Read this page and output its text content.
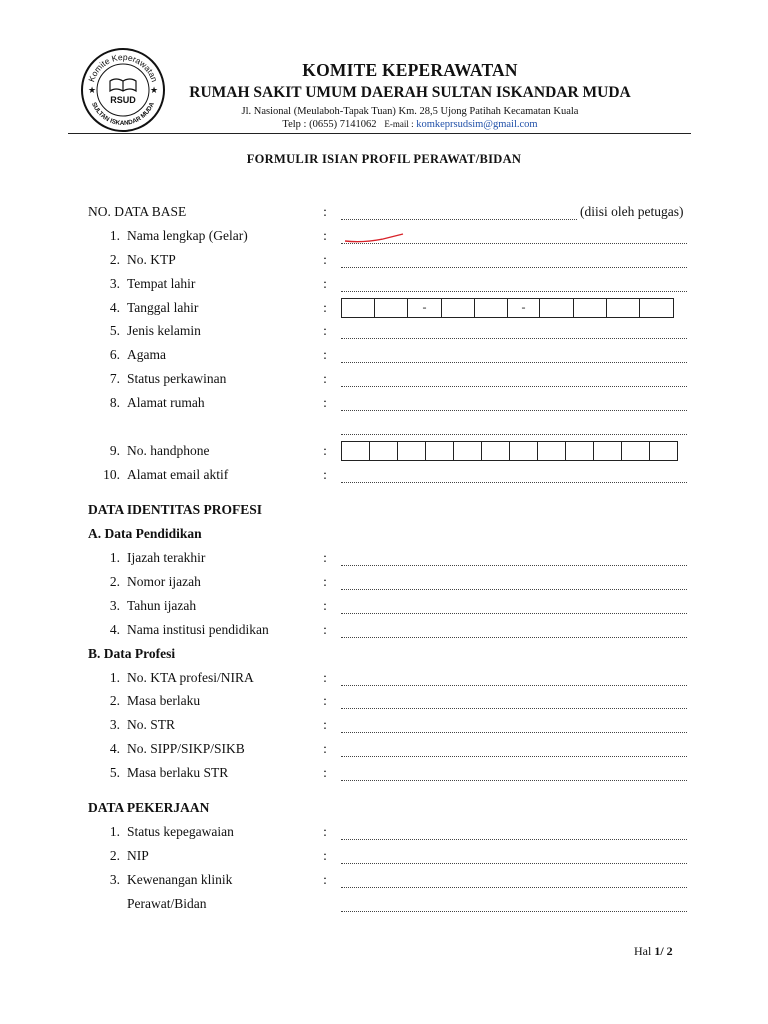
Komite Keperawatan
SULTAN ISKANDAR MUDA
★	★
RSUD
KOMITE KEPERAWATAN
RUMAH SAKIT UMUM DAERAH SULTAN ISKANDAR MUDA
Jl. Nasional (Meulaboh-Tapak Tuan) Km. 28,5 Ujong Patihah Kecamatan Kuala
Telp : (0655) 7141062 E-mail : komkeprsudsim@gmail.com
FORMULIR ISIAN PROFIL PERAWAT/BIDAN
NO. DATA BASE	:	(diisi oleh petugas)
1. Nama lengkap (Gelar)	:
2. No. KTP	:
3. Tempat lahir	:
4. Tanggal lahir	:	-	-
5. Jenis kelamin	:
6. Agama	:
7. Status perkawinan	:
8. Alamat rumah	:
9. No. handphone	:
10. Alamat email aktif	:
DATA IDENTITAS PROFESI
A. Data Pendidikan
1. Ijazah terakhir	:
2. Nomor ijazah	:
3. Tahun ijazah	:
4. Nama institusi pendidikan	:
B. Data Profesi
1. No. KTA profesi/NIRA	:
2. Masa berlaku	:
3. No. STR	:
4. No. SIPP/SIKP/SIKB	:
5. Masa berlaku STR	:
DATA PEKERJAAN
1. Status kepegawaian	:
2. NIP	:
3. Kewenangan klinik	:
Perawat/Bidan
Hal 1/ 2
